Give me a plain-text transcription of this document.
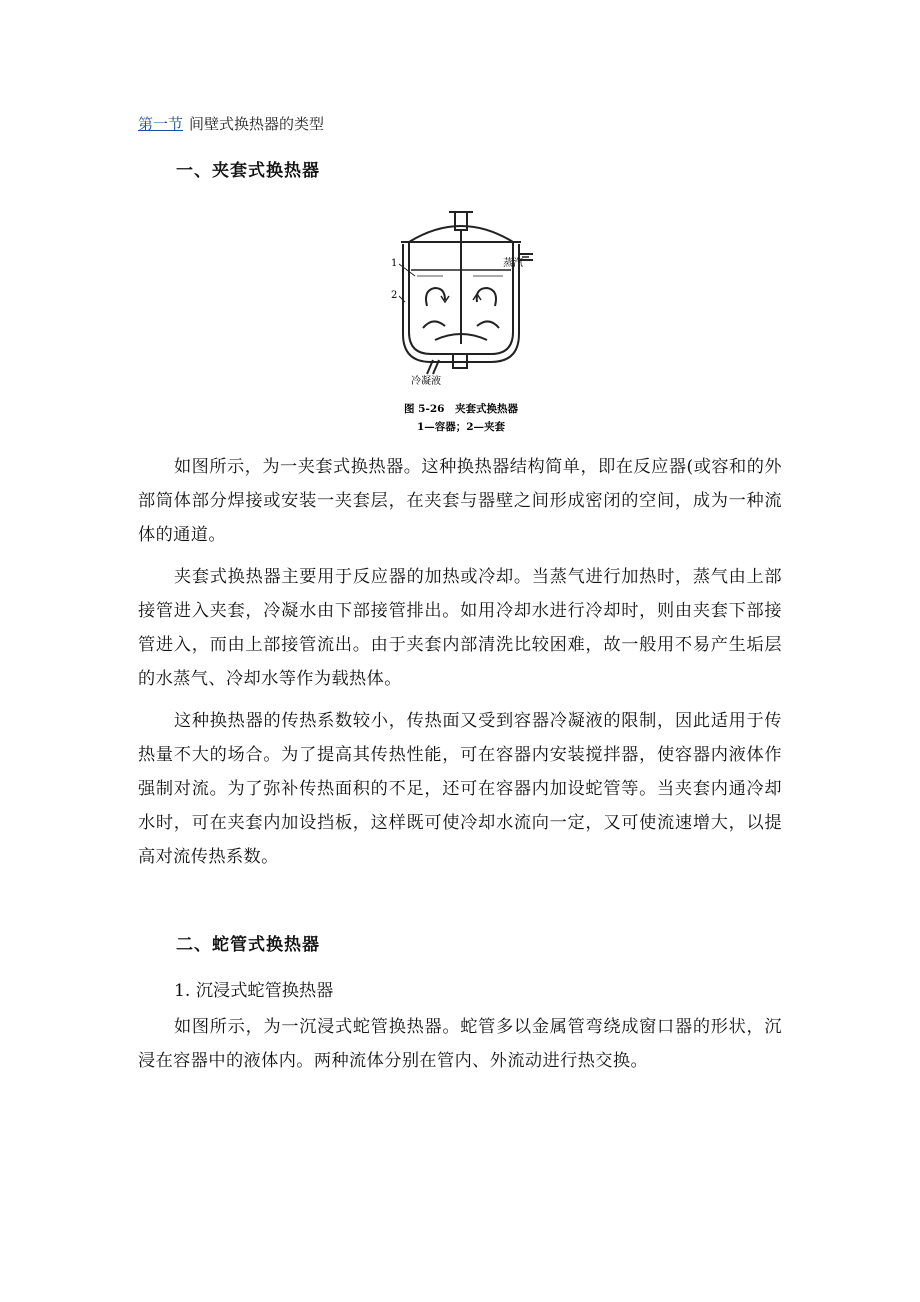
第一节 间壁式换热器的类型
一、夹套式换热器
1
2
蒸汽
冷凝液
图 5-26　夹套式换热器
1—容器；2—夹套

如图所示，为一夹套式换热器。这种换热器结构简单，即在反应器(或容和的外部筒体部分焊接或安装一夹套层，在夹套与器壁之间形成密闭的空间，成为一种流体的通道。

夹套式换热器主要用于反应器的加热或冷却。当蒸气进行加热时，蒸气由上部接管进入夹套，冷凝水由下部接管排出。如用冷却水进行冷却时，则由夹套下部接管进入，而由上部接管流出。由于夹套内部清洗比较困难，故一般用不易产生垢层的水蒸气、冷却水等作为载热体。

这种换热器的传热系数较小，传热面又受到容器冷凝液的限制，因此适用于传热量不大的场合。为了提高其传热性能，可在容器内安装搅拌器，使容器内液体作强制对流。为了弥补传热面积的不足，还可在容器内加设蛇管等。当夹套内通冷却水时，可在夹套内加设挡板，这样既可使冷却水流向一定，又可使流速增大，以提高对流传热系数。

二、蛇管式换热器
1. 沉浸式蛇管换热器

如图所示，为一沉浸式蛇管换热器。蛇管多以金属管弯绕成窗口器的形状，沉浸在容器中的液体内。两种流体分别在管内、外流动进行热交换。
